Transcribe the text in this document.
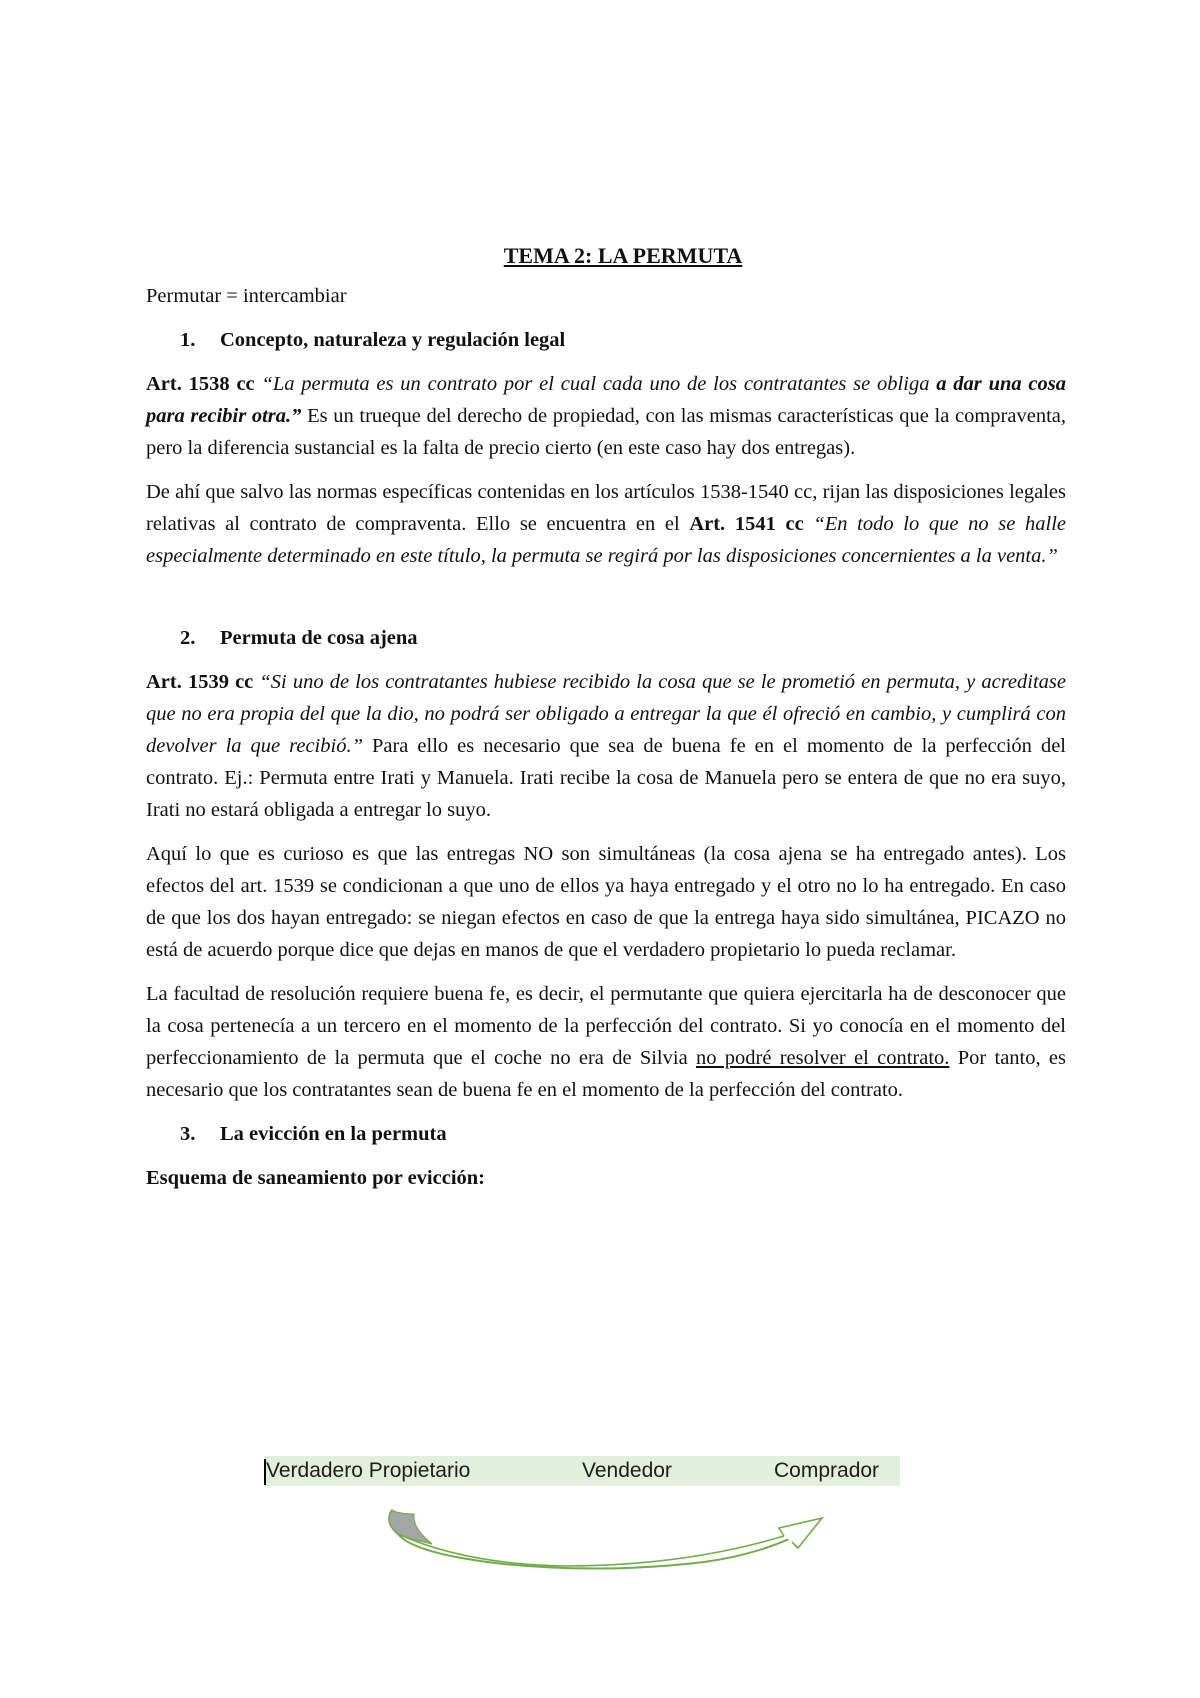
TEMA 2: LA PERMUTA
Permutar = intercambiar
1.	Concepto, naturaleza y regulación legal

Art. 1538 cc “La permuta es un contrato por el cual cada uno de los contratantes se obliga a dar una cosa para recibir otra.” Es un trueque del derecho de propiedad, con las mismas características que la compraventa, pero la diferencia sustancial es la falta de precio cierto (en este caso hay dos entregas).

De ahí que salvo las normas específicas contenidas en los artículos 1538-1540 cc, rijan las disposiciones legales relativas al contrato de compraventa. Ello se encuentra en el Art. 1541 cc “En todo lo que no se halle especialmente determinado en este título, la permuta se regirá por las disposiciones concernientes a la venta.”

2.	Permuta de cosa ajena

Art. 1539 cc “Si uno de los contratantes hubiese recibido la cosa que se le prometió en permuta, y acreditase que no era propia del que la dio, no podrá ser obligado a entregar la que él ofreció en cambio, y cumplirá con devolver la que recibió.” Para ello es necesario que sea de buena fe en el momento de la perfección del contrato. Ej.: Permuta entre Irati y Manuela. Irati recibe la cosa de Manuela pero se entera de que no era suyo, Irati no estará obligada a entregar lo suyo.

Aquí lo que es curioso es que las entregas NO son simultáneas (la cosa ajena se ha entregado antes). Los efectos del art. 1539 se condicionan a que uno de ellos ya haya entregado y el otro no lo ha entregado. En caso de que los dos hayan entregado: se niegan efectos en caso de que la entrega haya sido simultánea, PICAZO no está de acuerdo porque dice que dejas en manos de que el verdadero propietario lo pueda reclamar.

La facultad de resolución requiere buena fe, es decir, el permutante que quiera ejercitarla ha de desconocer que la cosa pertenecía a un tercero en el momento de la perfección del contrato. Si yo conocía en el momento del perfeccionamiento de la permuta que el coche no era de Silvia no podré resolver el contrato. Por tanto, es necesario que los contratantes sean de buena fe en el momento de la perfección del contrato.

3.	La evicción en la permuta
Esquema de saneamiento por evicción:
Verdadero Propietario	Vendedor	Comprador
